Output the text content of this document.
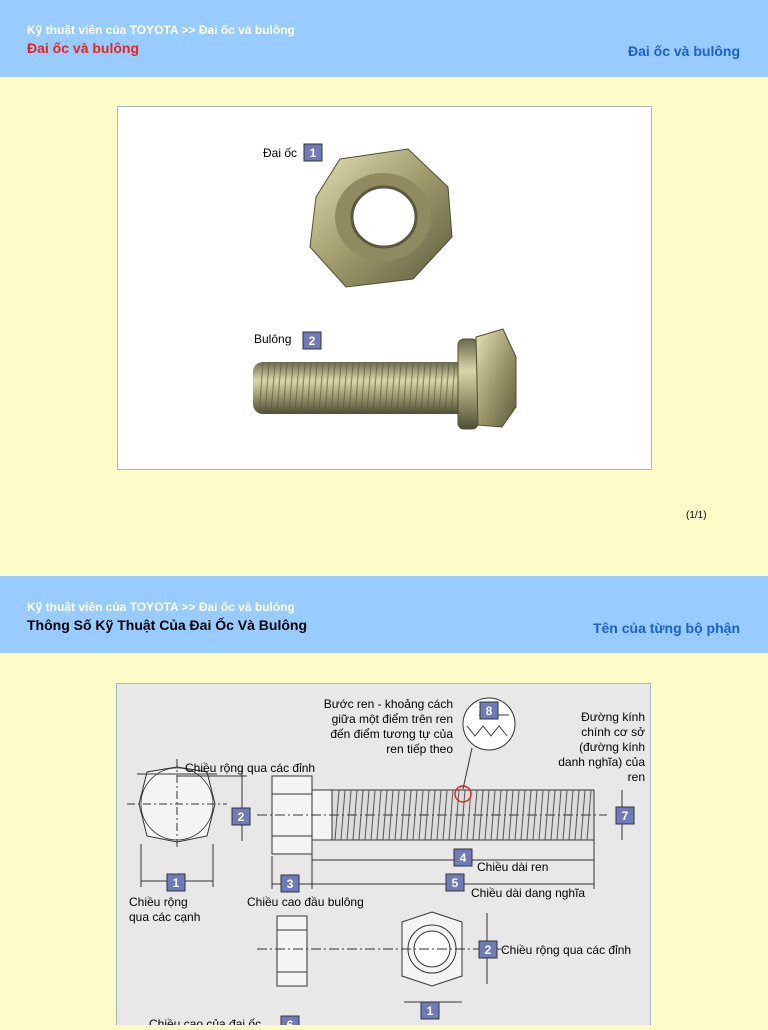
Kỹ thuật viên của TOYOTA >> Đai ốc và bulông
Đai ốc và bulông	Đai ốc và bulông
Đai ốc 1
Bulông 2
(1/1)
Kỹ thuật viên của TOYOTA >> Đai ốc và bulóng
Thông Số Kỹ Thuật Của Đai Ốc Và Bulông	Tên của từng bộ phận
1
2
3
4
5
6
7
8
2
1
Bước ren - khoảng cách
giữa một điểm trên ren
đến điểm tương tự của
ren tiếp theo
Đường kính
chính cơ sở
(đường kính
danh nghĩa) của
ren
Chiều rộng qua các đỉnh
Chiều rộng
qua các cạnh
Chiều cao đầu bulông
Chiều dài ren
Chiều dài dang nghĩa
Chiều rộng qua các đỉnh
Chiều cao của đai ốc
